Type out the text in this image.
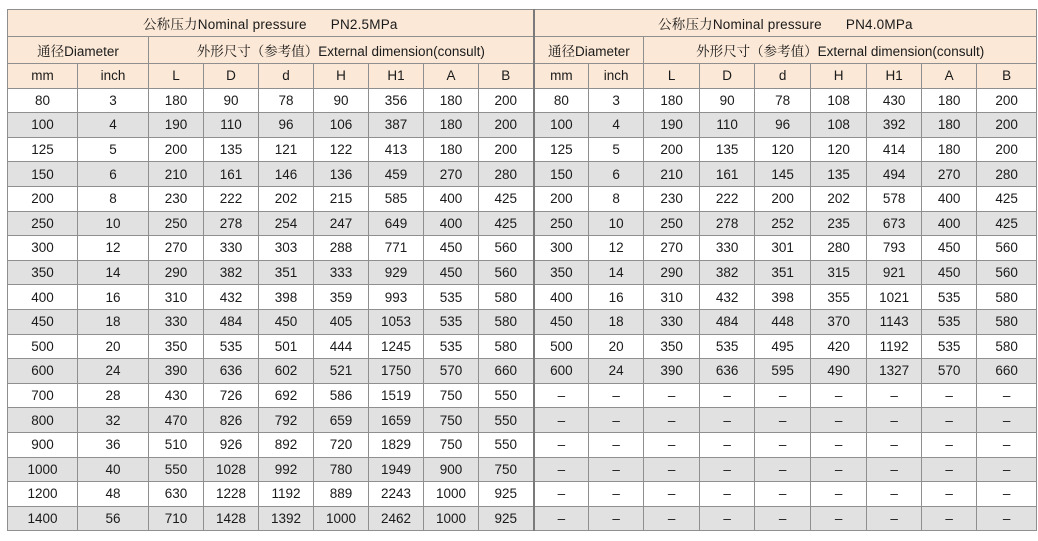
公称压力Nominal pressure PN2.5MPa									公称压力Nominal pressure PN4.0MPa								
通径Diameter		外形尺寸（参考值）External dimension(consult)							通径Diameter		外形尺寸（参考值）External dimension(consult)						
mm	inch	L	D	d	H	H1	A	B	mm	inch	L	D	d	H	H1	A	B
80	3	180	90	78	90	356	180	200	80	3	180	90	78	108	430	180	200
100	4	190	110	96	106	387	180	200	100	4	190	110	96	108	392	180	200
125	5	200	135	121	122	413	180	200	125	5	200	135	120	120	414	180	200
150	6	210	161	146	136	459	270	280	150	6	210	161	145	135	494	270	280
200	8	230	222	202	215	585	400	425	200	8	230	222	200	202	578	400	425
250	10	250	278	254	247	649	400	425	250	10	250	278	252	235	673	400	425
300	12	270	330	303	288	771	450	560	300	12	270	330	301	280	793	450	560
350	14	290	382	351	333	929	450	560	350	14	290	382	351	315	921	450	560
400	16	310	432	398	359	993	535	580	400	16	310	432	398	355	1021	535	580
450	18	330	484	450	405	1053	535	580	450	18	330	484	448	370	1143	535	580
500	20	350	535	501	444	1245	535	580	500	20	350	535	495	420	1192	535	580
600	24	390	636	602	521	1750	570	660	600	24	390	636	595	490	1327	570	660
700	28	430	726	692	586	1519	750	550	–	–	–	–	–	–	–	–	–
800	32	470	826	792	659	1659	750	550	–	–	–	–	–	–	–	–	–
900	36	510	926	892	720	1829	750	550	–	–	–	–	–	–	–	–	–
1000	40	550	1028	992	780	1949	900	750	–	–	–	–	–	–	–	–	–
1200	48	630	1228	1192	889	2243	1000	925	–	–	–	–	–	–	–	–	–
1400	56	710	1428	1392	1000	2462	1000	925	–	–	–	–	–	–	–	–	–
